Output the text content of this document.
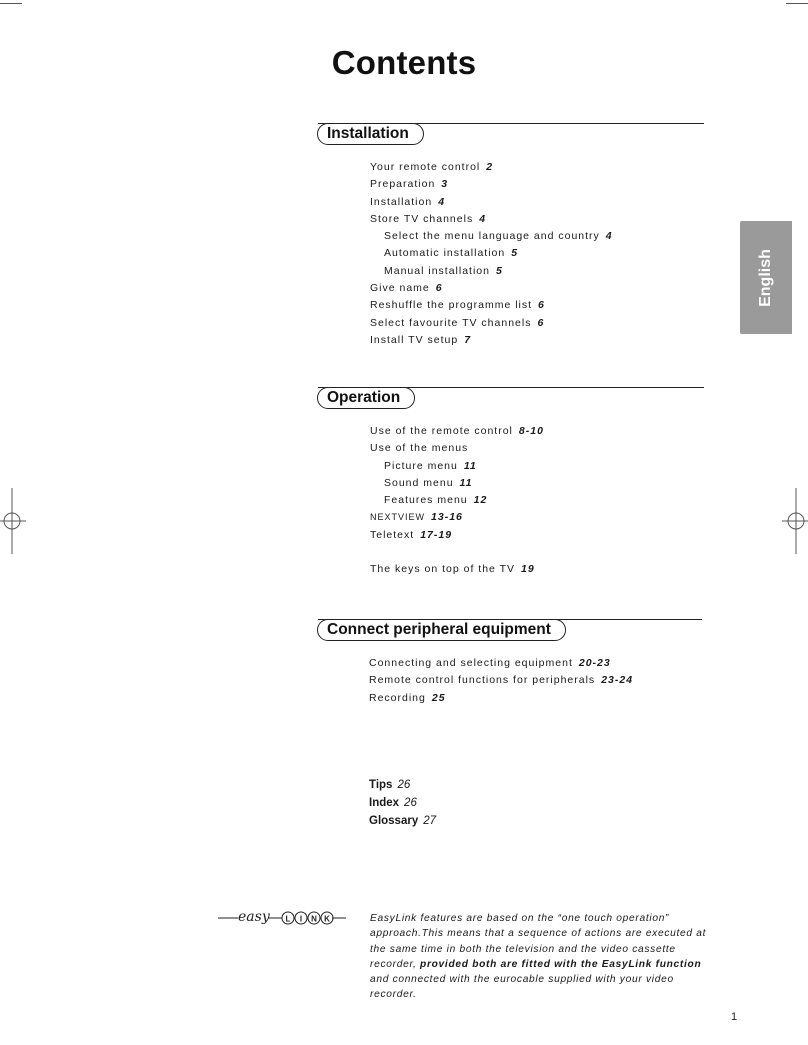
Contents
English
Installation
Your remote control 2
Preparation 3
Installation 4
Store TV channels 4
Select the menu language and country 4
Automatic installation 5
Manual installation 5
Give name 6
Reshuffle the programme list 6
Select favourite TV channels 6
Install TV setup 7
Operation
Use of the remote control 8-10
Use of the menus
Picture menu 11
Sound menu 11
Features menu 12
NEXTVIEW 13-16
Teletext 17-19
The keys on top of the TV 19
Connect peripheral equipment
Connecting and selecting equipment 20-23
Remote control functions for peripherals 23-24
Recording 25
Tips 26
Index 26
Glossary 27
easy L I N K	EasyLink features are based on the “one touch operation” approach.This means that a sequence of actions are executed at the same time in both the television and the video cassette recorder, provided both are fitted with the EasyLink function and connected with the eurocable supplied with your video recorder.
1
